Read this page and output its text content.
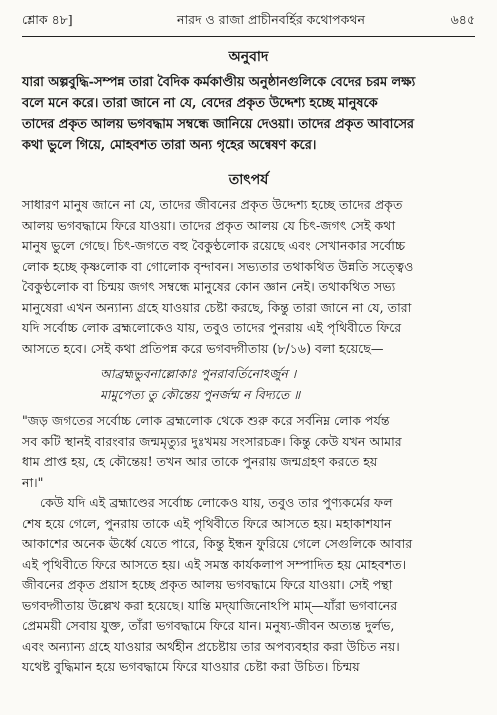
শ্লোক ৪৮]	নারদ ও রাজা প্রাচীনবর্হির কথোপকথন	৬৪৫
অনুবাদ

যারা অল্পবুদ্ধি-সম্পন্ন তারা বৈদিক কর্মকাণ্ডীয় অনুষ্ঠানগুলিকে বেদের চরম লক্ষ্য

বলে মনে করে। তারা জানে না যে, বেদের প্রকৃত উদ্দেশ্য হচ্ছে মানুষকে

তাদের প্রকৃত আলয় ভগবদ্ধাম সম্বন্ধে জানিয়ে দেওয়া। তাদের প্রকৃত আবাসের

কথা ভুলে গিয়ে, মোহবশত তারা অন্য গৃহের অন্বেষণ করে।

তাৎপর্য

সাধারণ মানুষ জানে না যে, তাদের জীবনের প্রকৃত উদ্দেশ্য হচ্ছে তাদের প্রকৃত

আলয় ভগবদ্ধামে ফিরে যাওয়া। তাদের প্রকৃত আলয় যে চিৎ-জগৎ সেই কথা

মানুষ ভুলে গেছে। চিৎ-জগতে বহু বৈকুণ্ঠলোক রয়েছে এবং সেখানকার সর্বোচ্চ

লোক হচ্ছে কৃষ্ণলোক বা গোলোক বৃন্দাবন। সভ্যতার তথাকথিত উন্নতি সত্ত্বেও

বৈকুণ্ঠলোক বা চিন্ময় জগৎ সম্বন্ধে মানুষের কোন জ্ঞান নেই। তথাকথিত সভ্য

মানুষেরা এখন অন্যান্য গ্রহে যাওয়ার চেষ্টা করছে, কিন্তু তারা জানে না যে, তারা

যদি সর্বোচ্চ লোক ব্রহ্মলোকেও যায়, তবুও তাদের পুনরায় এই পৃথিবীতে ফিরে

আসতে হবে। সেই কথা প্রতিপন্ন করে ভগবদ্গীতায় (৮/১৬) বলা হয়েছে—

আব্রহ্মভুবনাল্লোকাঃ পুনরাবর্তিনোঽর্জুন ।
মামুপেত্য তু কৌন্তেয় পুনর্জন্ম ন বিদ্যতে ॥

"জড় জগতের সর্বোচ্চ লোক ব্রহ্মলোক থেকে শুরু করে সর্বনিম্ন লোক পর্যন্ত

সব কটি স্থানই বারংবার জন্মমৃত্যুর দুঃখময় সংসারচক্র। কিন্তু কেউ যখন আমার

ধাম প্রাপ্ত হয়, হে কৌন্তেয়! তখন আর তাকে পুনরায় জন্মগ্রহণ করতে হয়

না।"

কেউ যদি এই ব্রহ্মাণ্ডের সর্বোচ্চ লোকেও যায়, তবুও তার পুণ্যকর্মের ফল

শেষ হয়ে গেলে, পুনরায় তাকে এই পৃথিবীতে ফিরে আসতে হয়। মহাকাশযান

আকাশের অনেক ঊর্ধ্বে যেতে পারে, কিন্তু ইন্ধন ফুরিয়ে গেলে সেগুলিকে আবার

এই পৃথিবীতে ফিরে আসতে হয়। এই সমস্ত কার্যকলাপ সম্পাদিত হয় মোহবশত।

জীবনের প্রকৃত প্রয়াস হচ্ছে প্রকৃত আলয় ভগবদ্ধামে ফিরে যাওয়া। সেই পন্থা

ভগবদ্গীতায় উল্লেখ করা হয়েছে। যান্তি মদ্‌যাজিনোঽপি মাম্—যাঁরা ভগবানের

প্রেমময়ী সেবায় যুক্ত, তাঁরা ভগবদ্ধামে ফিরে যান। মনুষ্য-জীবন অত্যন্ত দুর্লভ,

এবং অন্যান্য গ্রহে যাওয়ার অর্থহীন প্রচেষ্টায় তার অপব্যবহার করা উচিত নয়।

যথেষ্ট বুদ্ধিমান হয়ে ভগবদ্ধামে ফিরে যাওয়ার চেষ্টা করা উচিত। চিন্ময়
